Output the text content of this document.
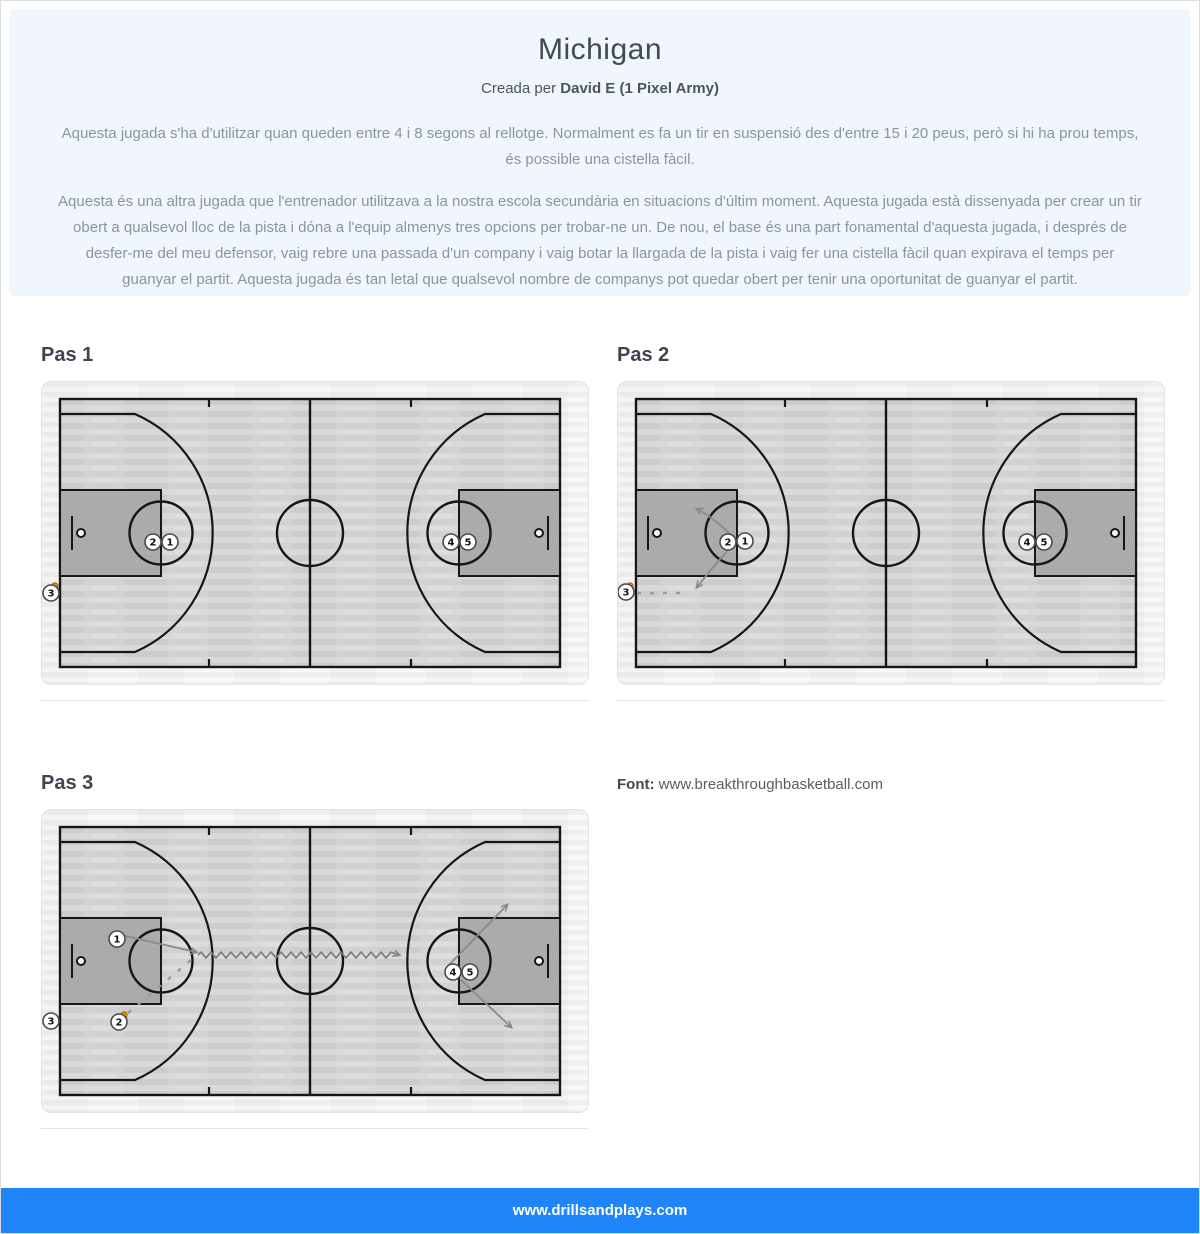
Michigan
Creada per David E (1 Pixel Army)

Aquesta jugada s'ha d'utilitzar quan queden entre 4 i 8 segons al rellotge. Normalment es fa un tir en suspensió des d'entre 15 i 20 peus, però si hi ha prou temps, és possible una cistella fàcil.

Aquesta és una altra jugada que l'entrenador utilitzava a la nostra escola secundària en situacions d'últim moment. Aquesta jugada està dissenyada per crear un tir obert a qualsevol lloc de la pista i dóna a l'equip almenys tres opcions per trobar-ne un. De nou, el base és una part fonamental d'aquesta jugada, i després de desfer-me del meu defensor, vaig rebre una passada d'un company i vaig botar la llargada de la pista i vaig fer una cistella fàcil quan expirava el temps per guanyar el partit. Aquesta jugada és tan letal que qualsevol nombre de companys pot quedar obert per tenir una oportunitat de guanyar el partit.

Pas 1
2 1	4 5
3
Pas 2
2 1	4 5
3
Pas 3
1
2
3
4 5

Font: www.breakthroughbasketball.com

www.drillsandplays.com
